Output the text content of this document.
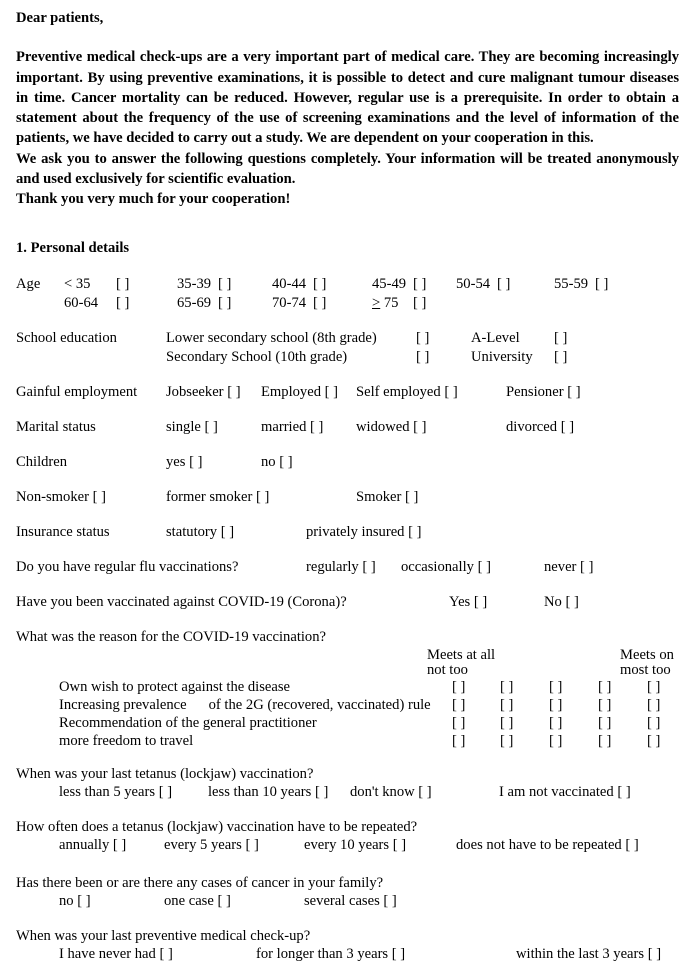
Dear patients,

Preventive medical check-ups are a very important part of medical care. They are becoming increasingly important. By using preventive examinations, it is possible to detect and cure malignant tumour diseases in time. Cancer mortality can be reduced. However, regular use is a prerequisite. In order to obtain a statement about the frequency of the use of screening examinations and the level of information of the patients, we have decided to carry out a study. We are dependent on your cooperation in this.

We ask you to answer the following questions completely. Your information will be treated anonymously and used exclusively for scientific evaluation.

Thank you very much for your cooperation!

1. Personal details
Age < 35 [ ]	35-39 [ ]	40-44 [ ]	45-49 [ ] 50-54 [ ]	55-59 [ ]
60-64 [ ]	65-69 [ ]	70-74 [ ]	≥ 75 [ ]
School education	Lower secondary school (8th grade)	[ ]	A-Level [ ]
Secondary School (10th grade)	[ ]	University [ ]
Gainful employment Jobseeker [ ] Employed [ ] Self employed [ ]	Pensioner [ ]
Marital status	single [ ]	married [ ] widowed [ ]	divorced [ ]
Children	yes [ ]	no [ ]
Non-smoker [ ]	former smoker [ ]	Smoker [ ]
Insurance status	statutory [ ]	privately insured [ ]
Do you have regular flu vaccinations?	regularly [ ] occasionally [ ]	never [ ]
Have you been vaccinated against COVID-19 (Corona)?	Yes [ ]	No [ ]
What was the reason for the COVID-19 vaccination?
Meets at all
not too
Meets on
most too
Own wish to protect against the disease	[ ] [ ] [ ] [ ] [ ]
Increasing prevalence of the 2G (recovered, vaccinated) rule [ ] [ ] [ ] [ ] [ ]
Recommendation of the general practitioner	[ ] [ ] [ ] [ ] [ ]
more freedom to travel	[ ] [ ] [ ] [ ] [ ]
When was your last tetanus (lockjaw) vaccination?
less than 5 years [ ] less than 10 years [ ] don't know [ ]	I am not vaccinated [ ]
How often does a tetanus (lockjaw) vaccination have to be repeated?
annually [ ]	every 5 years [ ]	every 10 years [ ]	does not have to be repeated [ ]
Has there been or are there any cases of cancer in your family?
no [ ]	one case [ ]	several cases [ ]
When was your last preventive medical check-up?
I have never had [ ]	for longer than 3 years [ ]	within the last 3 years [ ]
